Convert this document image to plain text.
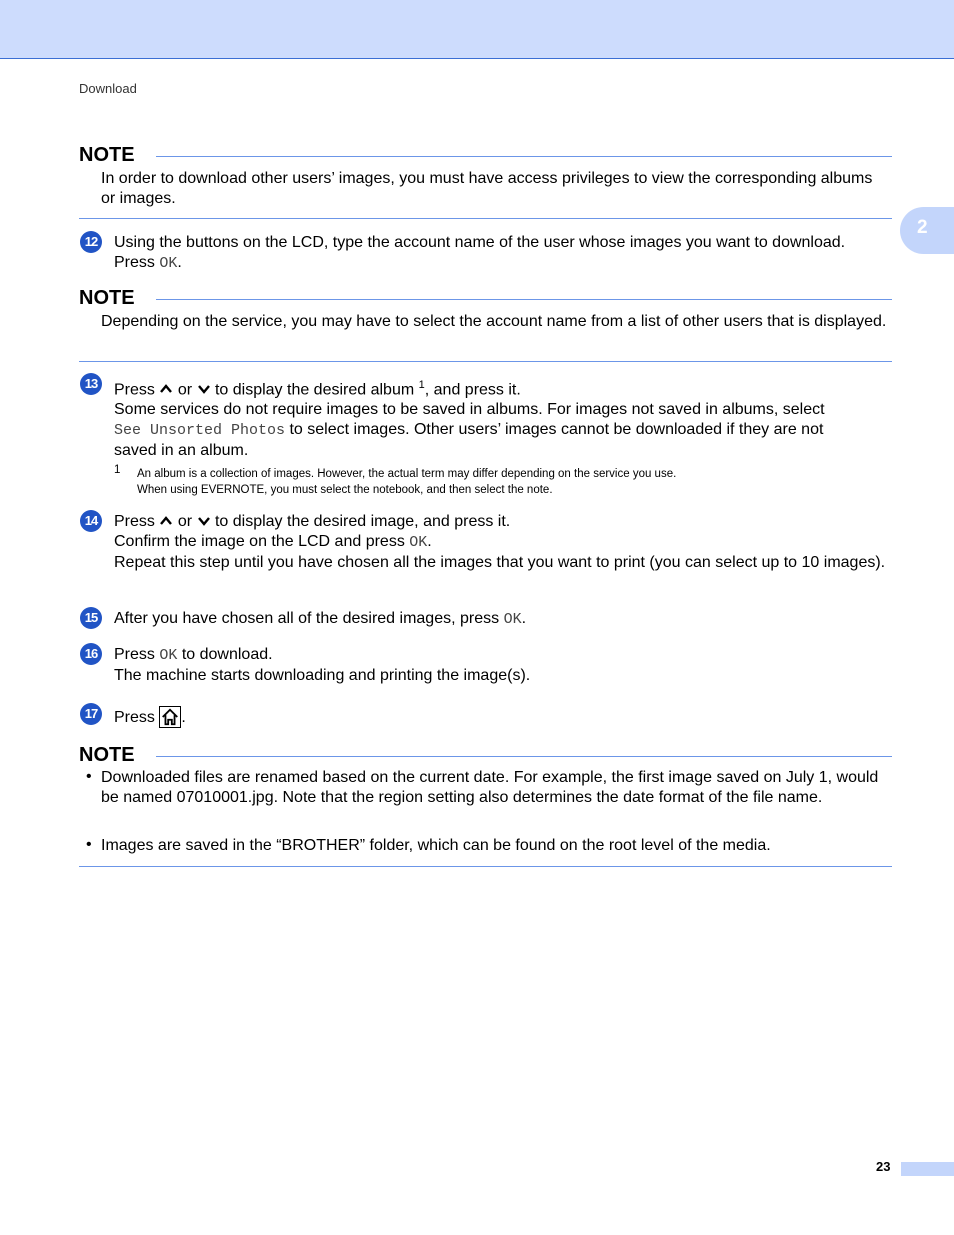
Download
2
NOTE
In order to download other users’ images, you must have access privileges to view the corresponding albums or images.
12 Using the buttons on the LCD, type the account name of the user whose images you want to download.
Press OK.
NOTE
Depending on the service, you may have to select the account name from a list of other users that is displayed.
13 Press or to display the desired album $^1$, and press it.
Some services do not require images to be saved in albums. For images not saved in albums, select
See Unsorted Photos to select images. Other users’ images cannot be downloaded if they are not
saved in an album.
1 An album is a collection of images. However, the actual term may differ depending on the service you use.
When using EVERNOTE, you must select the notebook, and then select the note.
14 Press or to display the desired image, and press it.
Confirm the image on the LCD and press OK.
Repeat this step until you have chosen all the images that you want to print (you can select up to 10 images).
15 After you have chosen all of the desired images, press OK.
16 Press OK to download.
The machine starts downloading and printing the image(s).
17 Press .
NOTE
• Downloaded files are renamed based on the current date. For example, the first image saved on July 1, would be named 07010001.jpg. Note that the region setting also determines the date format of the file name.
• Images are saved in the “BROTHER” folder, which can be found on the root level of the media.
23
